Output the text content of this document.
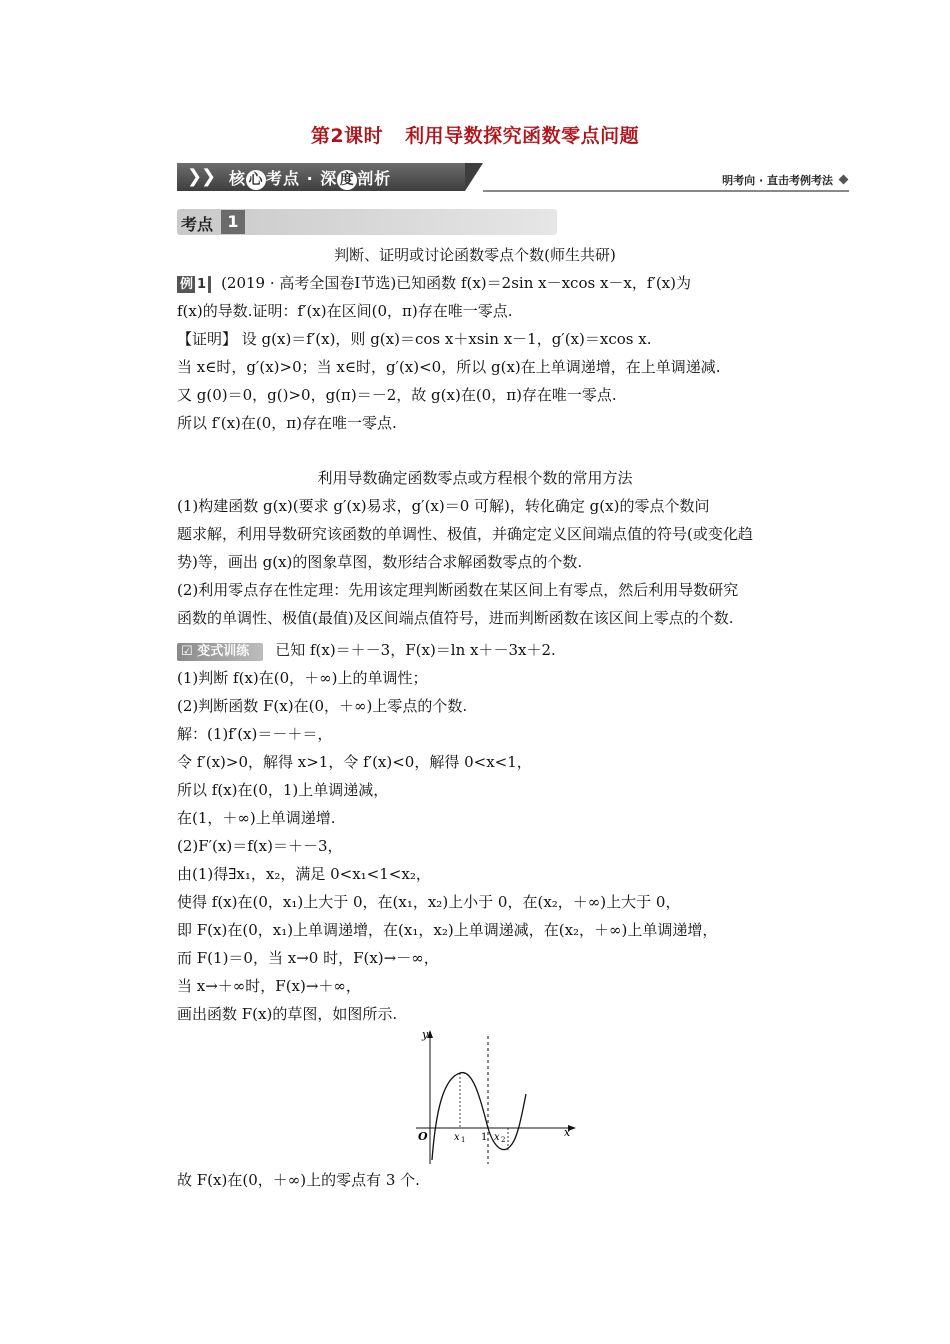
第2课时 利用导数探究函数零点问题
❯
❯ 核 心 考点 · 深 度 剖析	明考向 · 直击考例考法
考点 1
判断、证明或讨论函数零点个数(师生共研)
例 1 (2019 · 高考全国卷Ⅰ节选)已知函数 f(x)＝2sin x－xcos x－x，f′(x)为
f(x)的导数.证明：f′(x)在区间(0，π)存在唯一零点.
【证明】 设 g(x)＝f′(x)，则 g(x)＝cos x＋xsin x－1，g′(x)＝xcos x.
当 x∈时，g′(x)>0；当 x∈时，g′(x)<0，所以 g(x)在上单调递增，在上单调递减.
又 g(0)＝0，g()>0，g(π)＝－2，故 g(x)在(0，π)存在唯一零点.
所以 f′(x)在(0，π)存在唯一零点.
利用导数确定函数零点或方程根个数的常用方法
(1)构建函数 g(x)(要求 g′(x)易求，g′(x)＝0 可解)，转化确定 g(x)的零点个数问
题求解，利用导数研究该函数的单调性、极值，并确定定义区间端点值的符号(或变化趋
势)等，画出 g(x)的图象草图，数形结合求解函数零点的个数.
(2)利用零点存在性定理：先用该定理判断函数在某区间上有零点，然后利用导数研究
函数的单调性、极值(最值)及区间端点值符号，进而判断函数在该区间上零点的个数.
☑ 变式训练 已知 f(x)＝＋－3，F(x)＝ln x＋－3x＋2.
(1)判断 f(x)在(0，＋∞)上的单调性；
(2)判断函数 F(x)在(0，＋∞)上零点的个数.
解：(1)f′(x)＝－＋＝，
令 f′(x)>0，解得 x>1，令 f′(x)<0，解得 0<x<1，
所以 f(x)在(0，1)上单调递减，
在(1，＋∞)上单调递增.
(2)F′(x)＝f(x)＝＋－3，
由(1)得∃x₁，x₂，满足 0<x₁<1<x₂，
使得 f(x)在(0，x₁)上大于 0，在(x₁，x₂)上小于 0，在(x₂，＋∞)上大于 0，
即 F(x)在(0，x₁)上单调递增，在(x₁，x₂)上单调递减，在(x₂，＋∞)上单调递增，
而 F(1)＝0，当 x→0 时，F(x)→－∞，
当 x→＋∞时，F(x)→＋∞，
画出函数 F(x)的草图，如图所示.
y
x
O	x 1 1 x 2
故 F(x)在(0，＋∞)上的零点有 3 个.
